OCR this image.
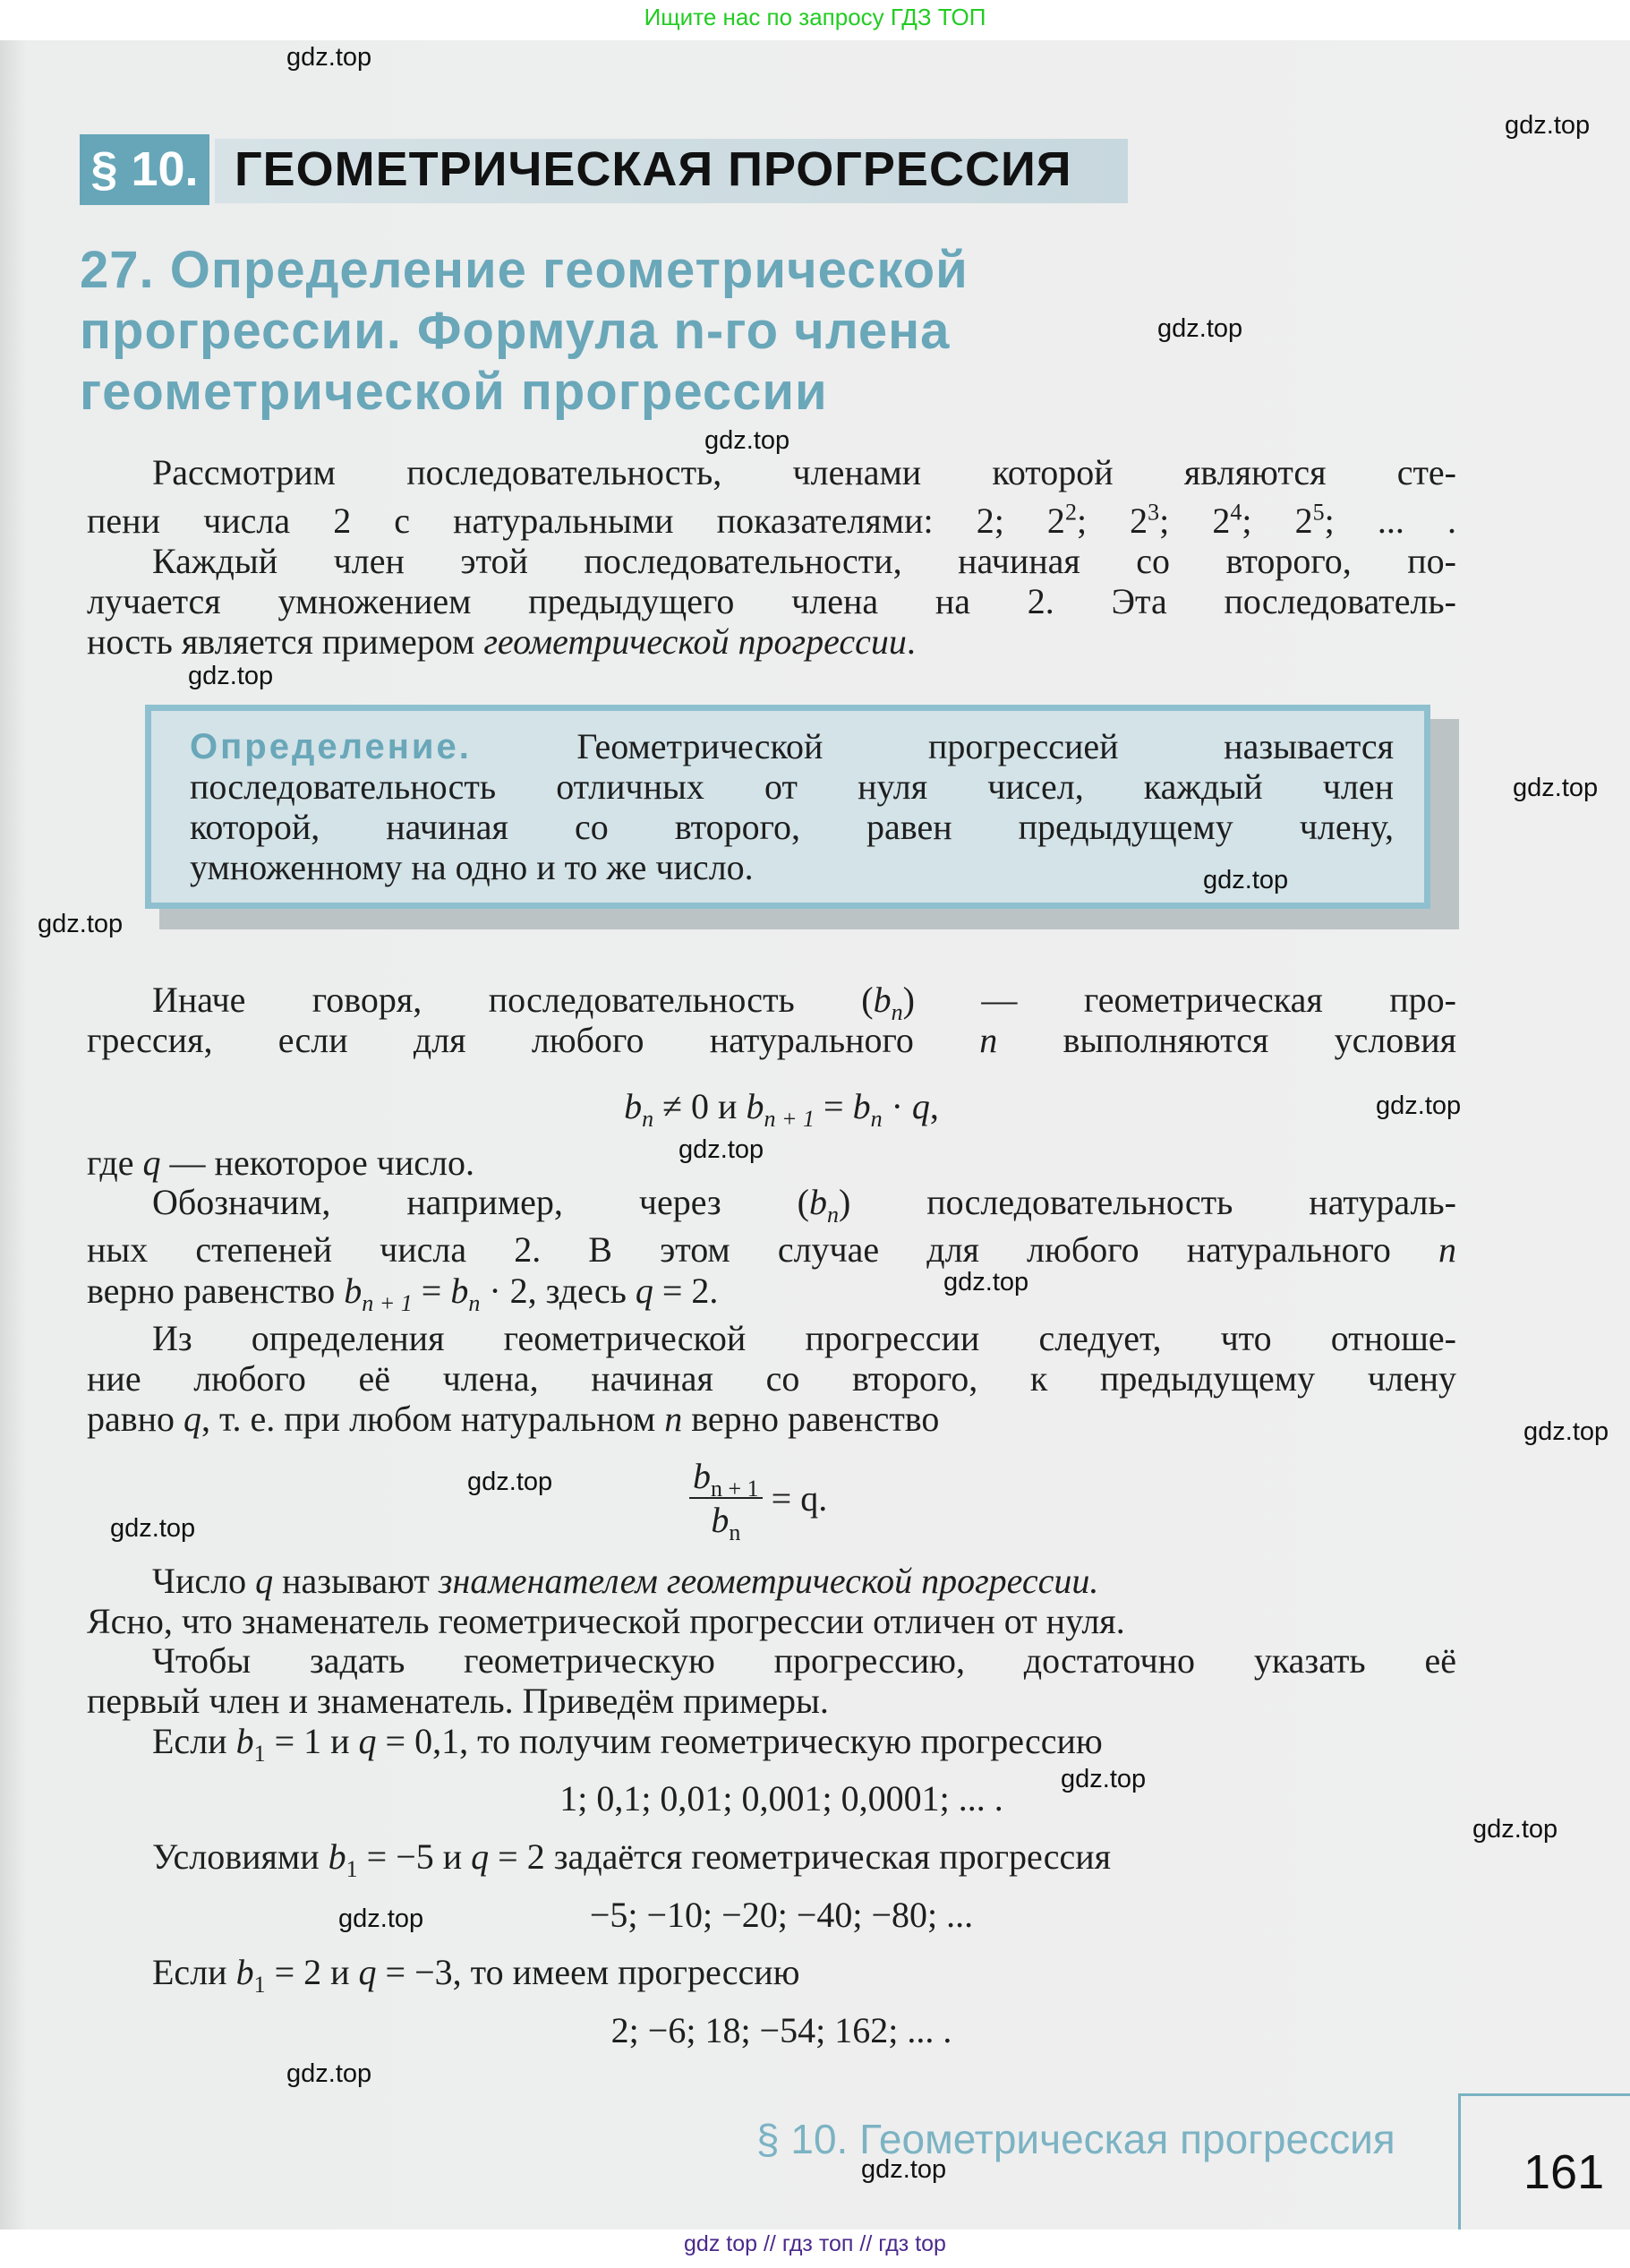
Ищите нас по запросу ГДЗ ТОП
§ 10. ГЕОМЕТРИЧЕСКАЯ ПРОГРЕССИЯ
27. Определение геометрической
прогрессии. Формула n-го члена
геометрической прогрессии
Рассмотрим последовательность, членами которой являются сте-
пени числа 2 с натуральными показателями: 2; $2^2$; $2^3$; $2^4$; $2^5$; ... .
Каждый член этой последовательности, начиная со второго, по-
лучается умножением предыдущего члена на 2. Эта последователь-
ность является примером геометрической прогрессии.
Определение.	Геометрической прогрессией называется
последовательность отличных от нуля чисел, каждый член
которой, начиная со второго, равен предыдущему члену,
умноженному на одно и то же число.
Иначе говоря, последовательность $(b_n)$ — геометрическая про-
грессия, если для любого натурального n выполняются условия
$b_n \ne 0$ и $b_{n + 1} = b_n \cdot q$,
где q — некоторое число.
Обозначим, например, через $(b_n)$ последовательность натураль-
ных степеней числа 2. В этом случае для любого натурального n
верно равенство $b_{n + 1} = b_n \cdot 2$, здесь q = 2.
Из определения геометрической прогрессии следует, что отноше-
ние любого её члена, начиная со второго, к предыдущему члену
равно q, т. е. при любом натуральном n верно равенство
$\frac{b_{n + 1}}{b_n} = q$.
Число q называют знаменателем геометрической прогрессии.
Ясно, что знаменатель геометрической прогрессии отличен от нуля.
Чтобы задать геометрическую прогрессию, достаточно указать её
первый член и знаменатель. Приведём примеры.
Если $b_1 = 1$ и q = 0,1, то получим геометрическую прогрессию
1; 0,1; 0,01; 0,001; 0,0001; ... .
Условиями $b_1 = -5$ и q = 2 задаётся геометрическая прогрессия
−5; −10; −20; −40; −80; ...
Если $b_1 = 2$ и q = −3, то имеем прогрессию
2; −6; 18; −54; 162; ... .
§ 10. Геометрическая прогрессия
161
gdz.top
gdz.top
gdz.top
gdz.top
gdz.top
gdz.top
gdz.top
gdz.top
gdz.top
gdz.top
gdz.top
gdz.top
gdz.top
gdz.top
gdz.top
gdz.top
gdz.top
gdz.top
gdz.top
gdz top // гдз топ // гдз top
